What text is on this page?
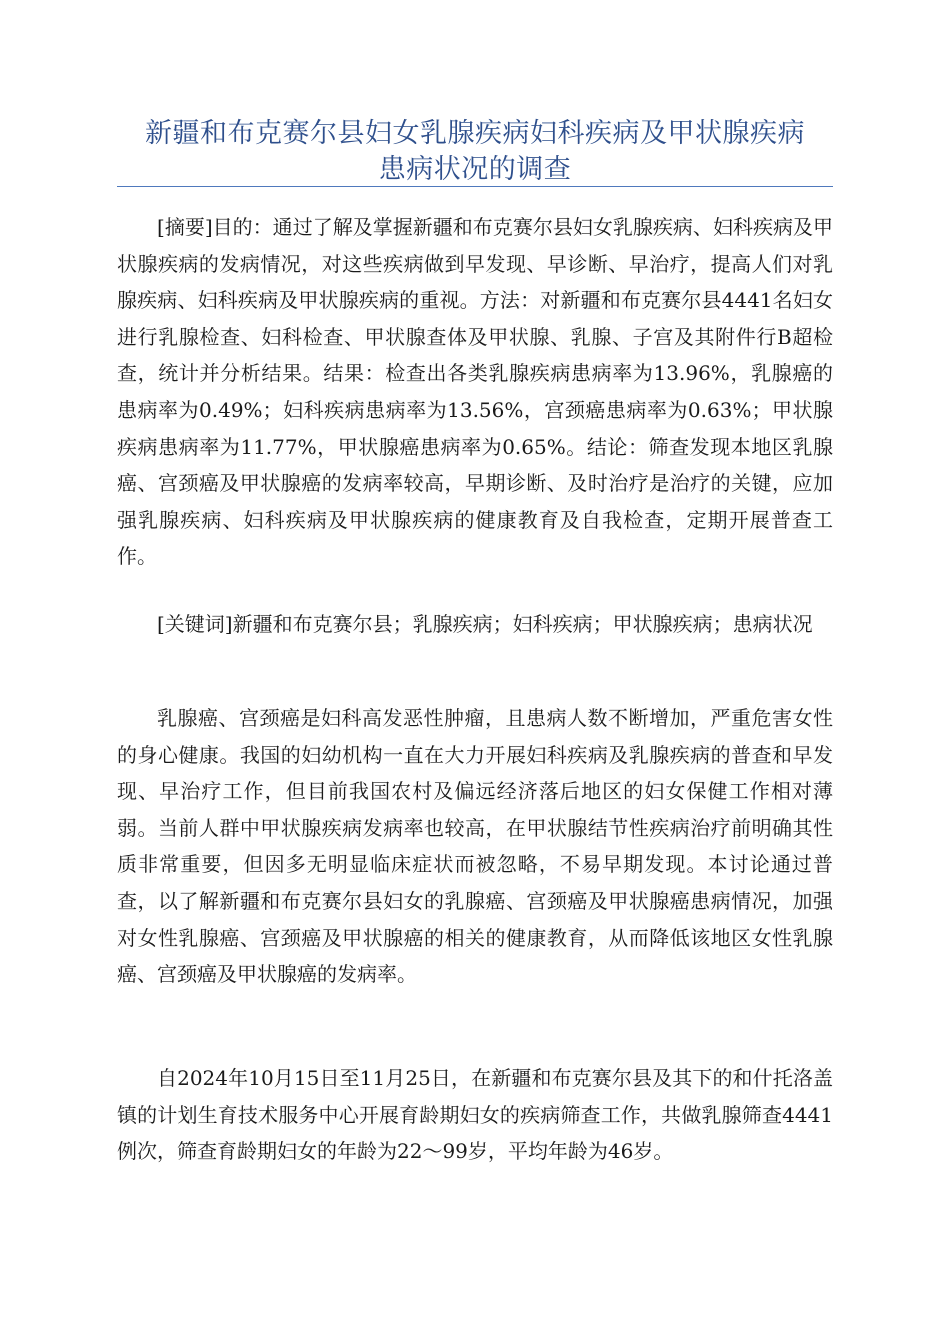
新疆和布克赛尔县妇女乳腺疾病妇科疾病及甲状腺疾病
患病状况的调查

[摘要]目的：通过了解及掌握新疆和布克赛尔县妇女乳腺疾病、妇科疾病及甲状腺疾病的发病情况，对这些疾病做到早发现、早诊断、早治疗，提高人们对乳腺疾病、妇科疾病及甲状腺疾病的重视。方法：对新疆和布克赛尔县4441名妇女进行乳腺检查、妇科检查、甲状腺查体及甲状腺、乳腺、子宫及其附件行B超检查，统计并分析结果。结果：检查出各类乳腺疾病患病率为13.96%，乳腺癌的患病率为0.49%；妇科疾病患病率为13.56%，宫颈癌患病率为0.63%；甲状腺疾病患病率为11.77%，甲状腺癌患病率为0.65%。结论：筛查发现本地区乳腺癌、宫颈癌及甲状腺癌的发病率较高，早期诊断、及时治疗是治疗的关键，应加强乳腺疾病、妇科疾病及甲状腺疾病的健康教育及自我检查，定期开展普查工作。

[关键词]新疆和布克赛尔县；乳腺疾病；妇科疾病；甲状腺疾病；患病状况

乳腺癌、宫颈癌是妇科高发恶性肿瘤，且患病人数不断增加，严重危害女性的身心健康。我国的妇幼机构一直在大力开展妇科疾病及乳腺疾病的普查和早发现、早治疗工作，但目前我国农村及偏远经济落后地区的妇女保健工作相对薄弱。当前人群中甲状腺疾病发病率也较高，在甲状腺结节性疾病治疗前明确其性质非常重要，但因多无明显临床症状而被忽略，不易早期发现。本讨论通过普查，以了解新疆和布克赛尔县妇女的乳腺癌、宫颈癌及甲状腺癌患病情况，加强对女性乳腺癌、宫颈癌及甲状腺癌的相关的健康教育，从而降低该地区女性乳腺癌、宫颈癌及甲状腺癌的发病率。

自2024年10月15日至11月25日，在新疆和布克赛尔县及其下的和什托洛盖镇的计划生育技术服务中心开展育龄期妇女的疾病筛查工作，共做乳腺筛查4441例次，筛查育龄期妇女的年龄为22～99岁，平均年龄为46岁。
